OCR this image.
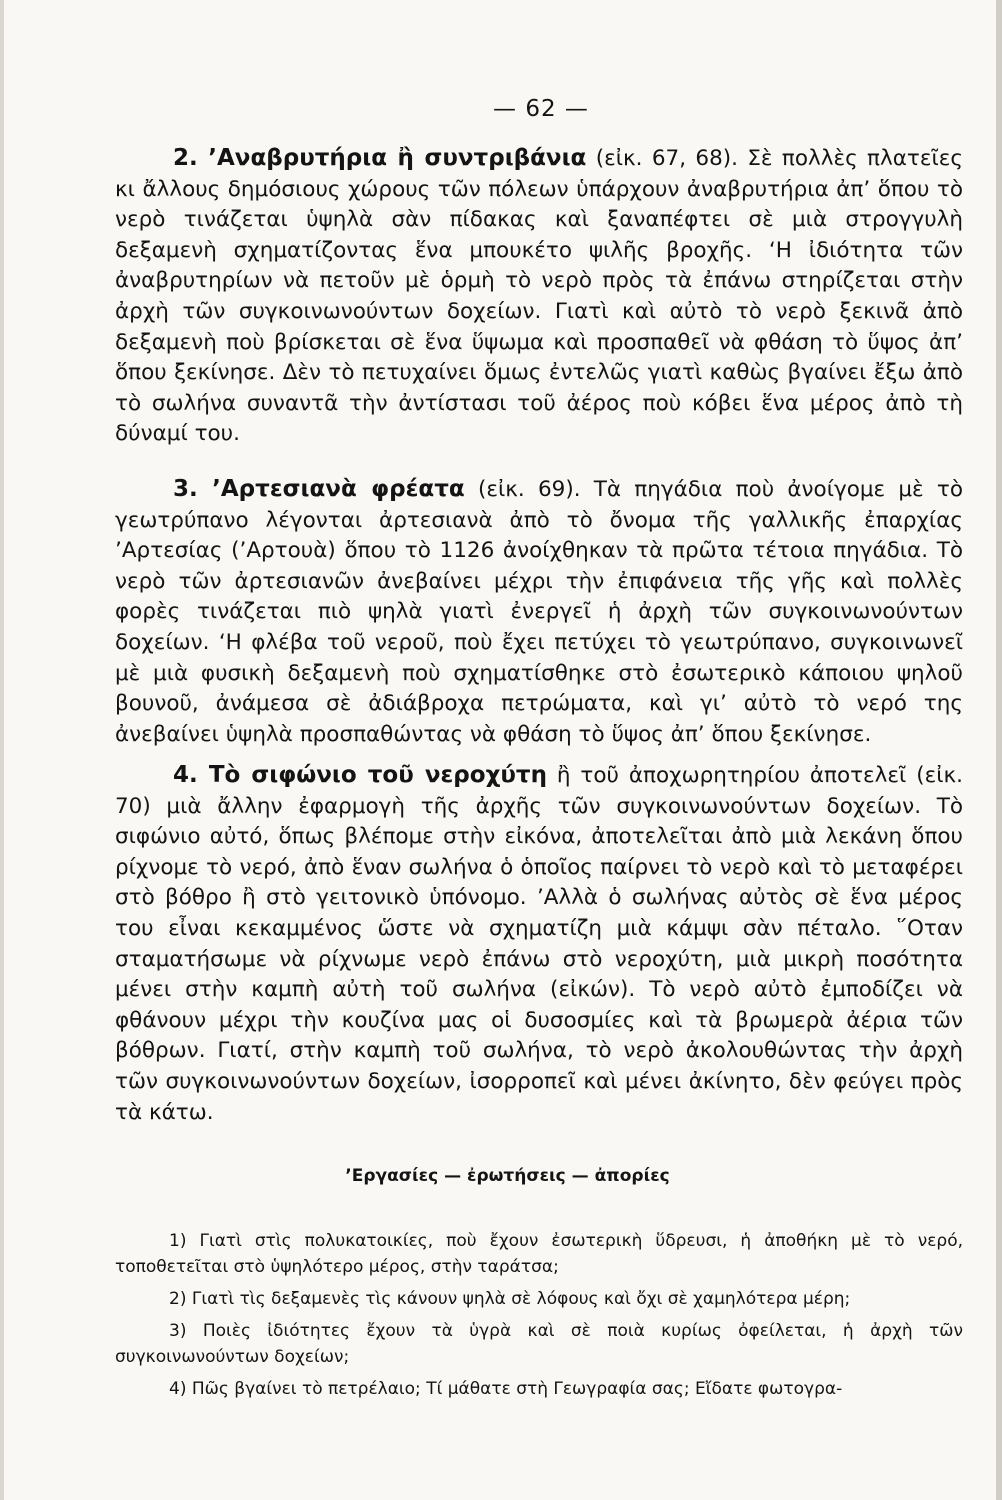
— 62 —

2. ’Αναβρυτήρια ἢ συντριβάνια (εἰκ. 67, 68). Σὲ πολλὲς πλατεῖες κι ἄλλους δημόσιους χώρους τῶν πόλεων ὑπάρχουν ἀναβρυτήρια ἀπ’ ὅπου τὸ νερὸ τινάζεται ὑψηλὰ σὰν πίδακας καὶ ξαναπέφτει σὲ μιὰ στρογγυλὴ δεξαμενὴ σχηματίζοντας ἕνα μπουκέτο ψιλῆς βροχῆς. ‘Η ἰδιότητα τῶν ἀναβρυτηρίων νὰ πετοῦν μὲ ὁρμὴ τὸ νερὸ πρὸς τὰ ἐπάνω στηρίζεται στὴν ἀρχὴ τῶν συγκοινωνούντων δοχείων. Γιατὶ καὶ αὐτὸ τὸ νερὸ ξεκινᾶ ἀπὸ δεξαμενὴ ποὺ βρίσκεται σὲ ἕνα ὕψωμα καὶ προσπαθεῖ νὰ φθάση τὸ ὕψος ἀπ’ ὅπου ξεκίνησε. Δὲν τὸ πετυχαίνει ὅμως ἐντελῶς γιατὶ καθὼς βγαίνει ἔξω ἀπὸ τὸ σωλήνα συναντᾶ τὴν ἀντίστασι τοῦ ἀέρος ποὺ κόβει ἕνα μέρος ἀπὸ τὴ δύναμί του.

3. ’Αρτεσιανὰ φρέατα (εἰκ. 69). Τὰ πηγάδια ποὺ ἀνοίγομε μὲ τὸ γεωτρύπανο λέγονται ἀρτεσιανὰ ἀπὸ τὸ ὄνομα τῆς γαλλικῆς ἐπαρχίας ’Αρτεσίας (’Αρτουὰ) ὅπου τὸ 1126 ἀνοίχθηκαν τὰ πρῶτα τέτοια πηγάδια. Τὸ νερὸ τῶν ἀρτεσιανῶν ἀνεβαίνει μέχρι τὴν ἐπιφάνεια τῆς γῆς καὶ πολλὲς φορὲς τινάζεται πιὸ ψηλὰ γιατὶ ἐνεργεῖ ἡ ἀρχὴ τῶν συγκοινωνούντων δοχείων. ‘Η φλέβα τοῦ νεροῦ, ποὺ ἔχει πετύχει τὸ γεωτρύπανο, συγκοινωνεῖ μὲ μιὰ φυσικὴ δεξαμενὴ ποὺ σχηματίσθηκε στὸ ἐσωτερικὸ κάποιου ψηλοῦ βουνοῦ, ἀνάμεσα σὲ ἀδιάβροχα πετρώματα, καὶ γι’ αὐτὸ τὸ νερό της ἀνεβαίνει ὑψηλὰ προσπαθώντας νὰ φθάση τὸ ὕψος ἀπ’ ὅπου ξεκίνησε.

4. Τὸ σιφώνιο τοῦ νεροχύτη ἢ τοῦ ἀποχωρητηρίου ἀποτελεῖ (εἰκ. 70) μιὰ ἄλλην ἐφαρμογὴ τῆς ἀρχῆς τῶν συγκοινωνούντων δοχείων. Τὸ σιφώνιο αὐτό, ὅπως βλέπομε στὴν εἰκόνα, ἀποτελεῖται ἀπὸ μιὰ λεκάνη ὅπου ρίχνομε τὸ νερό, ἀπὸ ἕναν σωλήνα ὁ ὁποῖος παίρνει τὸ νερὸ καὶ τὸ μεταφέρει στὸ βόθρο ἢ στὸ γειτονικὸ ὑπόνομο. ’Αλλὰ ὁ σωλήνας αὐτὸς σὲ ἕνα μέρος του εἶναι κεκαμμένος ὥστε νὰ σχηματίζη μιὰ κάμψι σὰν πέταλο. ῞Οταν σταματήσωμε νὰ ρίχνωμε νερὸ ἐπάνω στὸ νεροχύτη, μιὰ μικρὴ ποσότητα μένει στὴν καμπὴ αὐτὴ τοῦ σωλήνα (εἰκών). Τὸ νερὸ αὐτὸ ἐμποδίζει νὰ φθάνουν μέχρι τὴν κουζίνα μας οἱ δυσοσμίες καὶ τὰ βρωμερὰ ἀέρια τῶν βόθρων. Γιατί, στὴν καμπὴ τοῦ σωλήνα, τὸ νερὸ ἀκολουθώντας τὴν ἀρχὴ τῶν συγκοινωνούντων δοχείων, ἰσορροπεῖ καὶ μένει ἀκίνητο, δὲν φεύγει πρὸς τὰ κάτω.

’Εργασίες — ἐρωτήσεις — ἀπορίες

1) Γιατὶ στὶς πολυκατοικίες, ποὺ ἔχουν ἐσωτερικὴ ὕδρευσι, ἡ ἀποθήκη μὲ τὸ νερό, τοποθετεῖται στὸ ὑψηλότερο μέρος, στὴν ταράτσα;

2) Γιατὶ τὶς δεξαμενὲς τὶς κάνουν ψηλὰ σὲ λόφους καὶ ὄχι σὲ χαμηλότερα μέρη;

3) Ποιὲς ἰδιότητες ἔχουν τὰ ὑγρὰ καὶ σὲ ποιὰ κυρίως ὀφείλεται, ἡ ἀρχὴ τῶν συγκοινωνούντων δοχείων;

4) Πῶς βγαίνει τὸ πετρέλαιο; Τί μάθατε στὴ Γεωγραφία σας; Εἴδατε φωτογρα-
